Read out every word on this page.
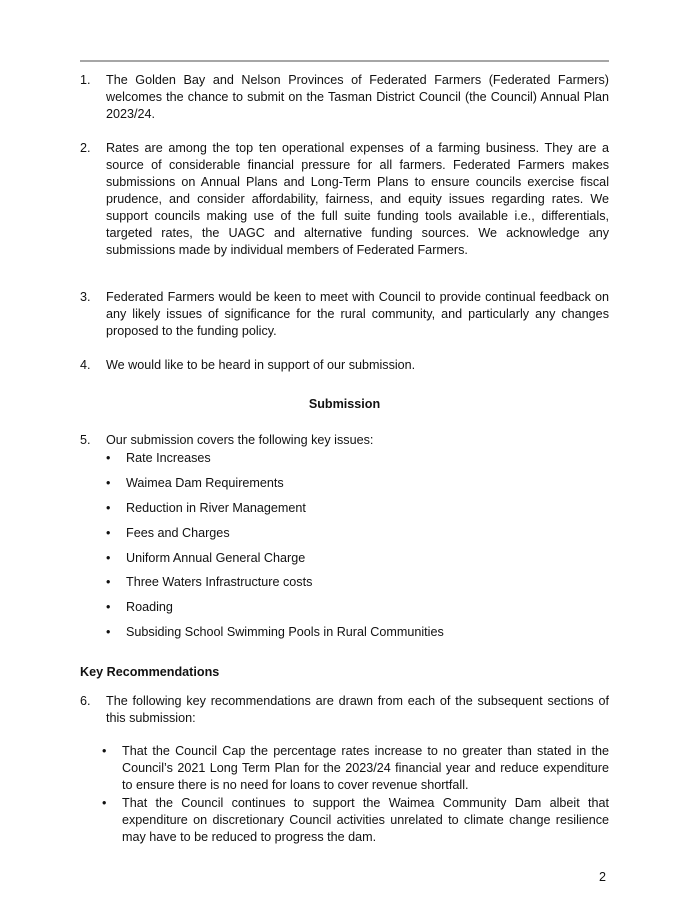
1.	The Golden Bay and Nelson Provinces of Federated Farmers (Federated Farmers)
welcomes the chance to submit on the Tasman District Council (the Council) Annual Plan
2023/24.
2.	Rates are among the top ten operational expenses of a farming business. They are a
source of considerable financial pressure for all farmers. Federated Farmers makes
submissions on Annual Plans and Long-Term Plans to ensure councils exercise fiscal
prudence, and consider affordability, fairness, and equity issues regarding rates. We
support councils making use of the full suite funding tools available i.e., differentials,
targeted rates, the UAGC and alternative funding sources. We acknowledge any
submissions made by individual members of Federated Farmers.
3.	Federated Farmers would be keen to meet with Council to provide continual feedback on
any likely issues of significance for the rural community, and particularly any changes
proposed to the funding policy.
4.	We would like to be heard in support of our submission.
Submission
5.	Our submission covers the following key issues:
•	Rate Increases
•	Waimea Dam Requirements
•	Reduction in River Management
•	Fees and Charges
•	Uniform Annual General Charge
•	Three Waters Infrastructure costs
•	Roading
•	Subsiding School Swimming Pools in Rural Communities
Key Recommendations
6.	The following key recommendations are drawn from each of the subsequent sections of
this submission:
•	That the Council Cap the percentage rates increase to no greater than stated in the
Council’s 2021 Long Term Plan for the 2023/24 financial year and reduce expenditure
to ensure there is no need for loans to cover revenue shortfall.
•	That the Council continues to support the Waimea Community Dam albeit that
expenditure on discretionary Council activities unrelated to climate change resilience
may have to be reduced to progress the dam.
2
